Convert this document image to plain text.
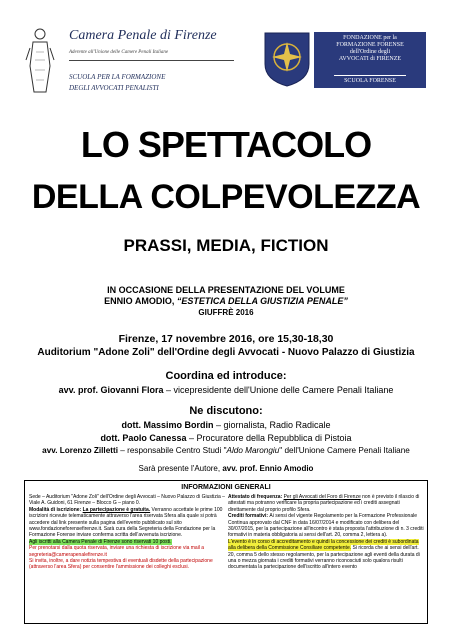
Camera Penale di Firenze
Aderente all'Unione delle Camere Penali Italiane
SCUOLA PER LA FORMAZIONE
DEGLI AVVOCATI PENALISTI
FONDAZIONE per la
FORMAZIONE FORENSE
dell'Ordine degli
AVVOCATI di FIRENZE
SCUOLA FORENSE
LO SPETTACOLO
DELLA COLPEVOLEZZA
PRASSI, MEDIA, FICTION
IN OCCASIONE DELLA PRESENTAZIONE DEL VOLUME
ENNIO AMODIO, “ESTETICA DELLA GIUSTIZIA PENALE”
GIUFFRÈ 2016
Firenze, 17 novembre 2016, ore 15,30-18,30
Auditorium "Adone Zoli" dell'Ordine degli Avvocati - Nuovo Palazzo di Giustizia
Coordina ed introduce:
avv. prof. Giovanni Flora – vicepresidente dell'Unione delle Camere Penali Italiane
Ne discutono:
dott. Massimo Bordin – giornalista, Radio Radicale
dott. Paolo Canessa – Procuratore della Repubblica di Pistoia
avv. Lorenzo Zilletti – responsabile Centro Studi "Aldo Marongiu" dell'Unione Camere Penali Italiane
Sarà presente l'Autore, avv. prof. Ennio Amodio
INFORMAZIONI GENERALI

Sede – Auditorium "Adone Zoli" dell'Ordine degli Avvocati – Nuovo Palazzo di Giustizia – Viale A. Guidoni, 61 Firenze – Blocco G – piano 0.

Modalità di iscrizione: La partecipazione è gratuita. Verranno accettate le prime 100 iscrizioni ricevute telematicamente attraverso l'area riservata Sfera alla quale si potrà accedere dal link presente sulla pagina dell'evento pubblicato sul sito www.fondazioneforensefirenze.it. Sarà cura della Segreteria della Fondazione per la Formazione Forense inviare conferma scritta dell'avvenuta iscrizione.

Agli iscritti alla Camera Penale di Firenze sono riservati 10 posti.

Per prenotarsi dalla quota riservata, inviare una richiesta di iscrizione via mail a segreteria@camerapenalefirenze.it

Si invita, inoltre, a dare notizia tempestiva di eventuali disdette della partecipazione (attraverso l'area Sfera) per consentire l'ammissione dei colleghi esclusi.

Attestato di frequenza: Per gli Avvocati del Foro di Firenze non è previsto il rilascio di attestati ma potranno verificare la propria partecipazione ed i crediti assegnati direttamente dal proprio profilo Sfera.

Crediti formativi: Ai sensi del vigente Regolamento per la Formazione Professionale Continua approvato dal CNF in data 16/07/2014 e modificato con delibera del 30/07/2015, per la partecipazione all'incontro è stata proposta l'attribuzione di n. 3 crediti formativi in materia obbligatoria ai sensi dell'art. 20, comma 2, lettera a).

L'evento è in corso di accreditamento e quindi la concessione dei crediti è subordinata alla delibera della Commissione Consiliare competente. Si ricorda che ai sensi dell'art. 20, comma 5 dello stesso regolamento, per la partecipazione agli eventi della durata di una o mezza giornata i crediti formativi verranno riconosciuti solo qualora risulti documentata la partecipazione dell'iscritto all'intero evento
